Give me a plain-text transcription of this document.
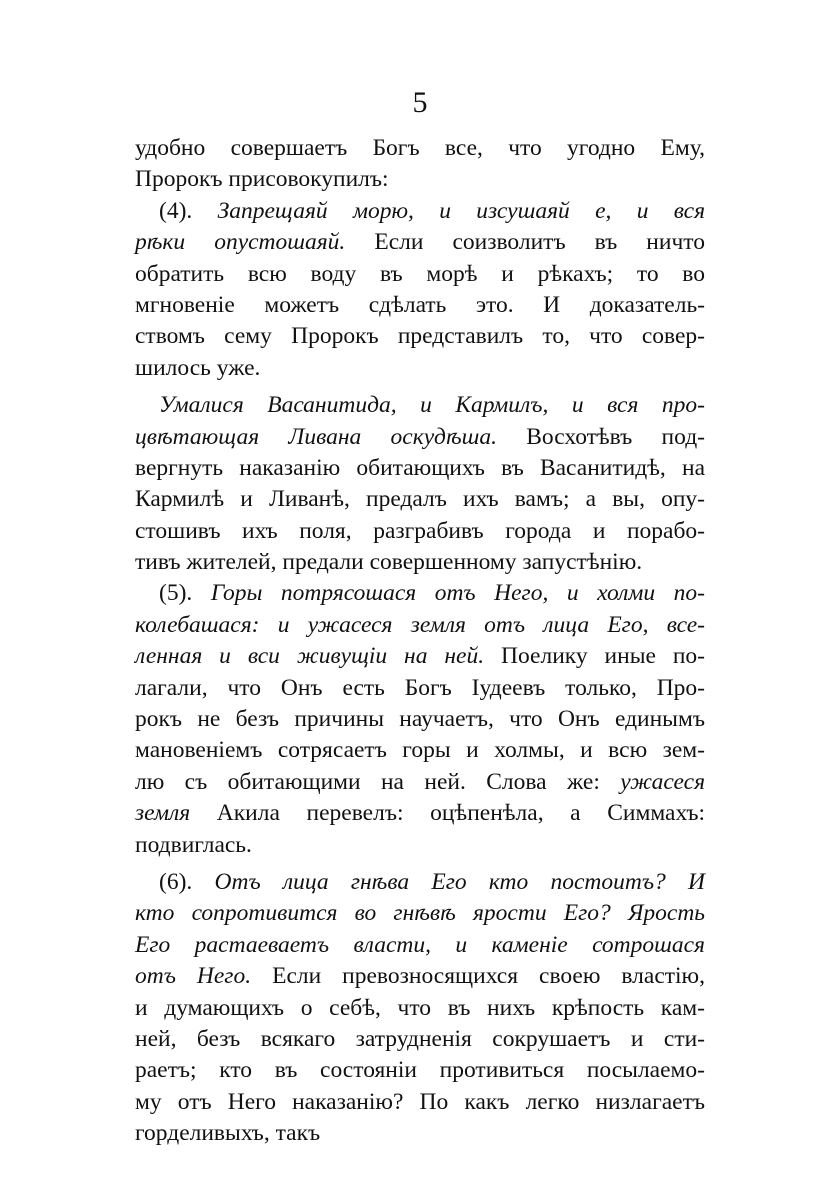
5
удобно совершаетъ Богъ все, что угодно Ему,
Пророкъ присовокупилъ:
(4). Запрещаяй морю, и изсушаяй е, и вся
рѣки опустошаяй. Если соизволитъ въ ничто
обратить всю воду въ морѣ и рѣкахъ; то во
мгновеніе можетъ сдѣлать это. И доказатель-
ствомъ сему Пророкъ представилъ то, что совер-
шилось уже.
Умалися Васанитида, и Кармилъ, и вся про-
цвѣтающая Ливана оскудѣша. Восхотѣвъ под-
вергнуть наказанію обитающихъ въ Васанитидѣ, на
Кармилѣ и Ливанѣ, предалъ ихъ вамъ; а вы, опу-
стошивъ ихъ поля, разграбивъ города и порабо-
тивъ жителей, предали совершенному запустѣнію.
(5). Горы потрясошася отъ Него, и холми по-
колебашася: и ужасеся земля отъ лица Его, все-
ленная и вси живущіи на ней. Поелику иные по-
лагали, что Онъ есть Богъ Іудеевъ только, Про-
рокъ не безъ причины научаетъ, что Онъ единымъ
мановеніемъ сотрясаетъ горы и холмы, и всю зем-
лю съ обитающими на ней. Слова же: ужасеся
земля Акила перевелъ: оцѣпенѣла, а Симмахъ:
подвиглась.
(6). Отъ лица гнѣва Его кто постоитъ? И
кто сопротивится во гнѣвѣ ярости Его? Ярость
Его растаеваетъ власти, и каменіе сотрошася
отъ Него. Если превозносящихся своею властію,
и думающихъ о себѣ, что въ нихъ крѣпость кам-
ней, безъ всякаго затрудненія сокрушаетъ и сти-
раетъ; кто въ состояніи противиться посылаемо-
му отъ Него наказанію? По какъ легко низлагаетъ
горделивыхъ, такъ
